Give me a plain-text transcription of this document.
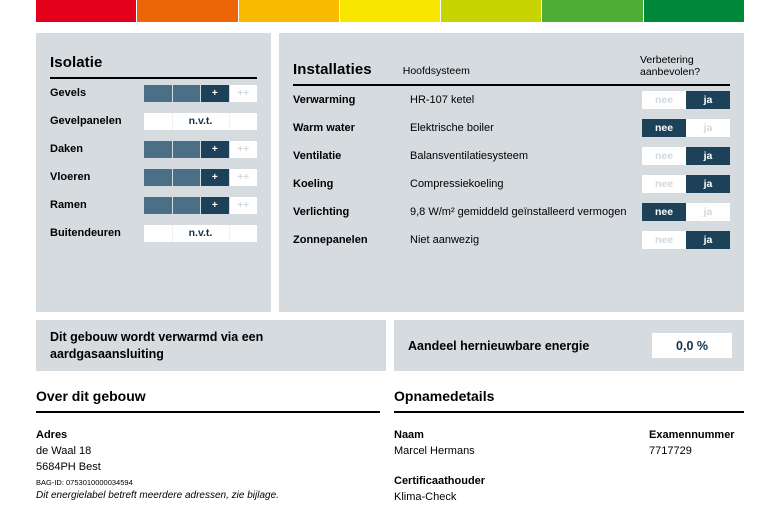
Isolatie
Gevels	+	++
Gevelpanelen	n.v.t.
Daken	+	++
Vloeren	+	++
Ramen	+	++
Buitendeuren	n.v.t.
Installaties	Hoofdsysteem
Verbetering
aanbevolen?
Verwarming	HR-107 ketel	nee	ja
Warm water	Elektrische boiler	nee	ja
Ventilatie	Balansventilatiesysteem	nee	ja
Koeling	Compressiekoeling	nee	ja
Verlichting	9,8 W/m² gemiddeld geïnstalleerd vermogen	nee	ja
Zonnepanelen	Niet aanwezig	nee	ja
Dit gebouw wordt verwarmd via een aardgasaansluiting
Aandeel hernieuwbare energie	0,0 %
Over dit gebouw
Adres
de Waal 18
5684PH Best
BAG-ID: 0753010000034594
Dit energielabel betreft meerdere adressen, zie bijlage.
Opnamedetails
Naam
Marcel Hermans
Examennummer
7717729
Certificaathouder
Klima-Check
